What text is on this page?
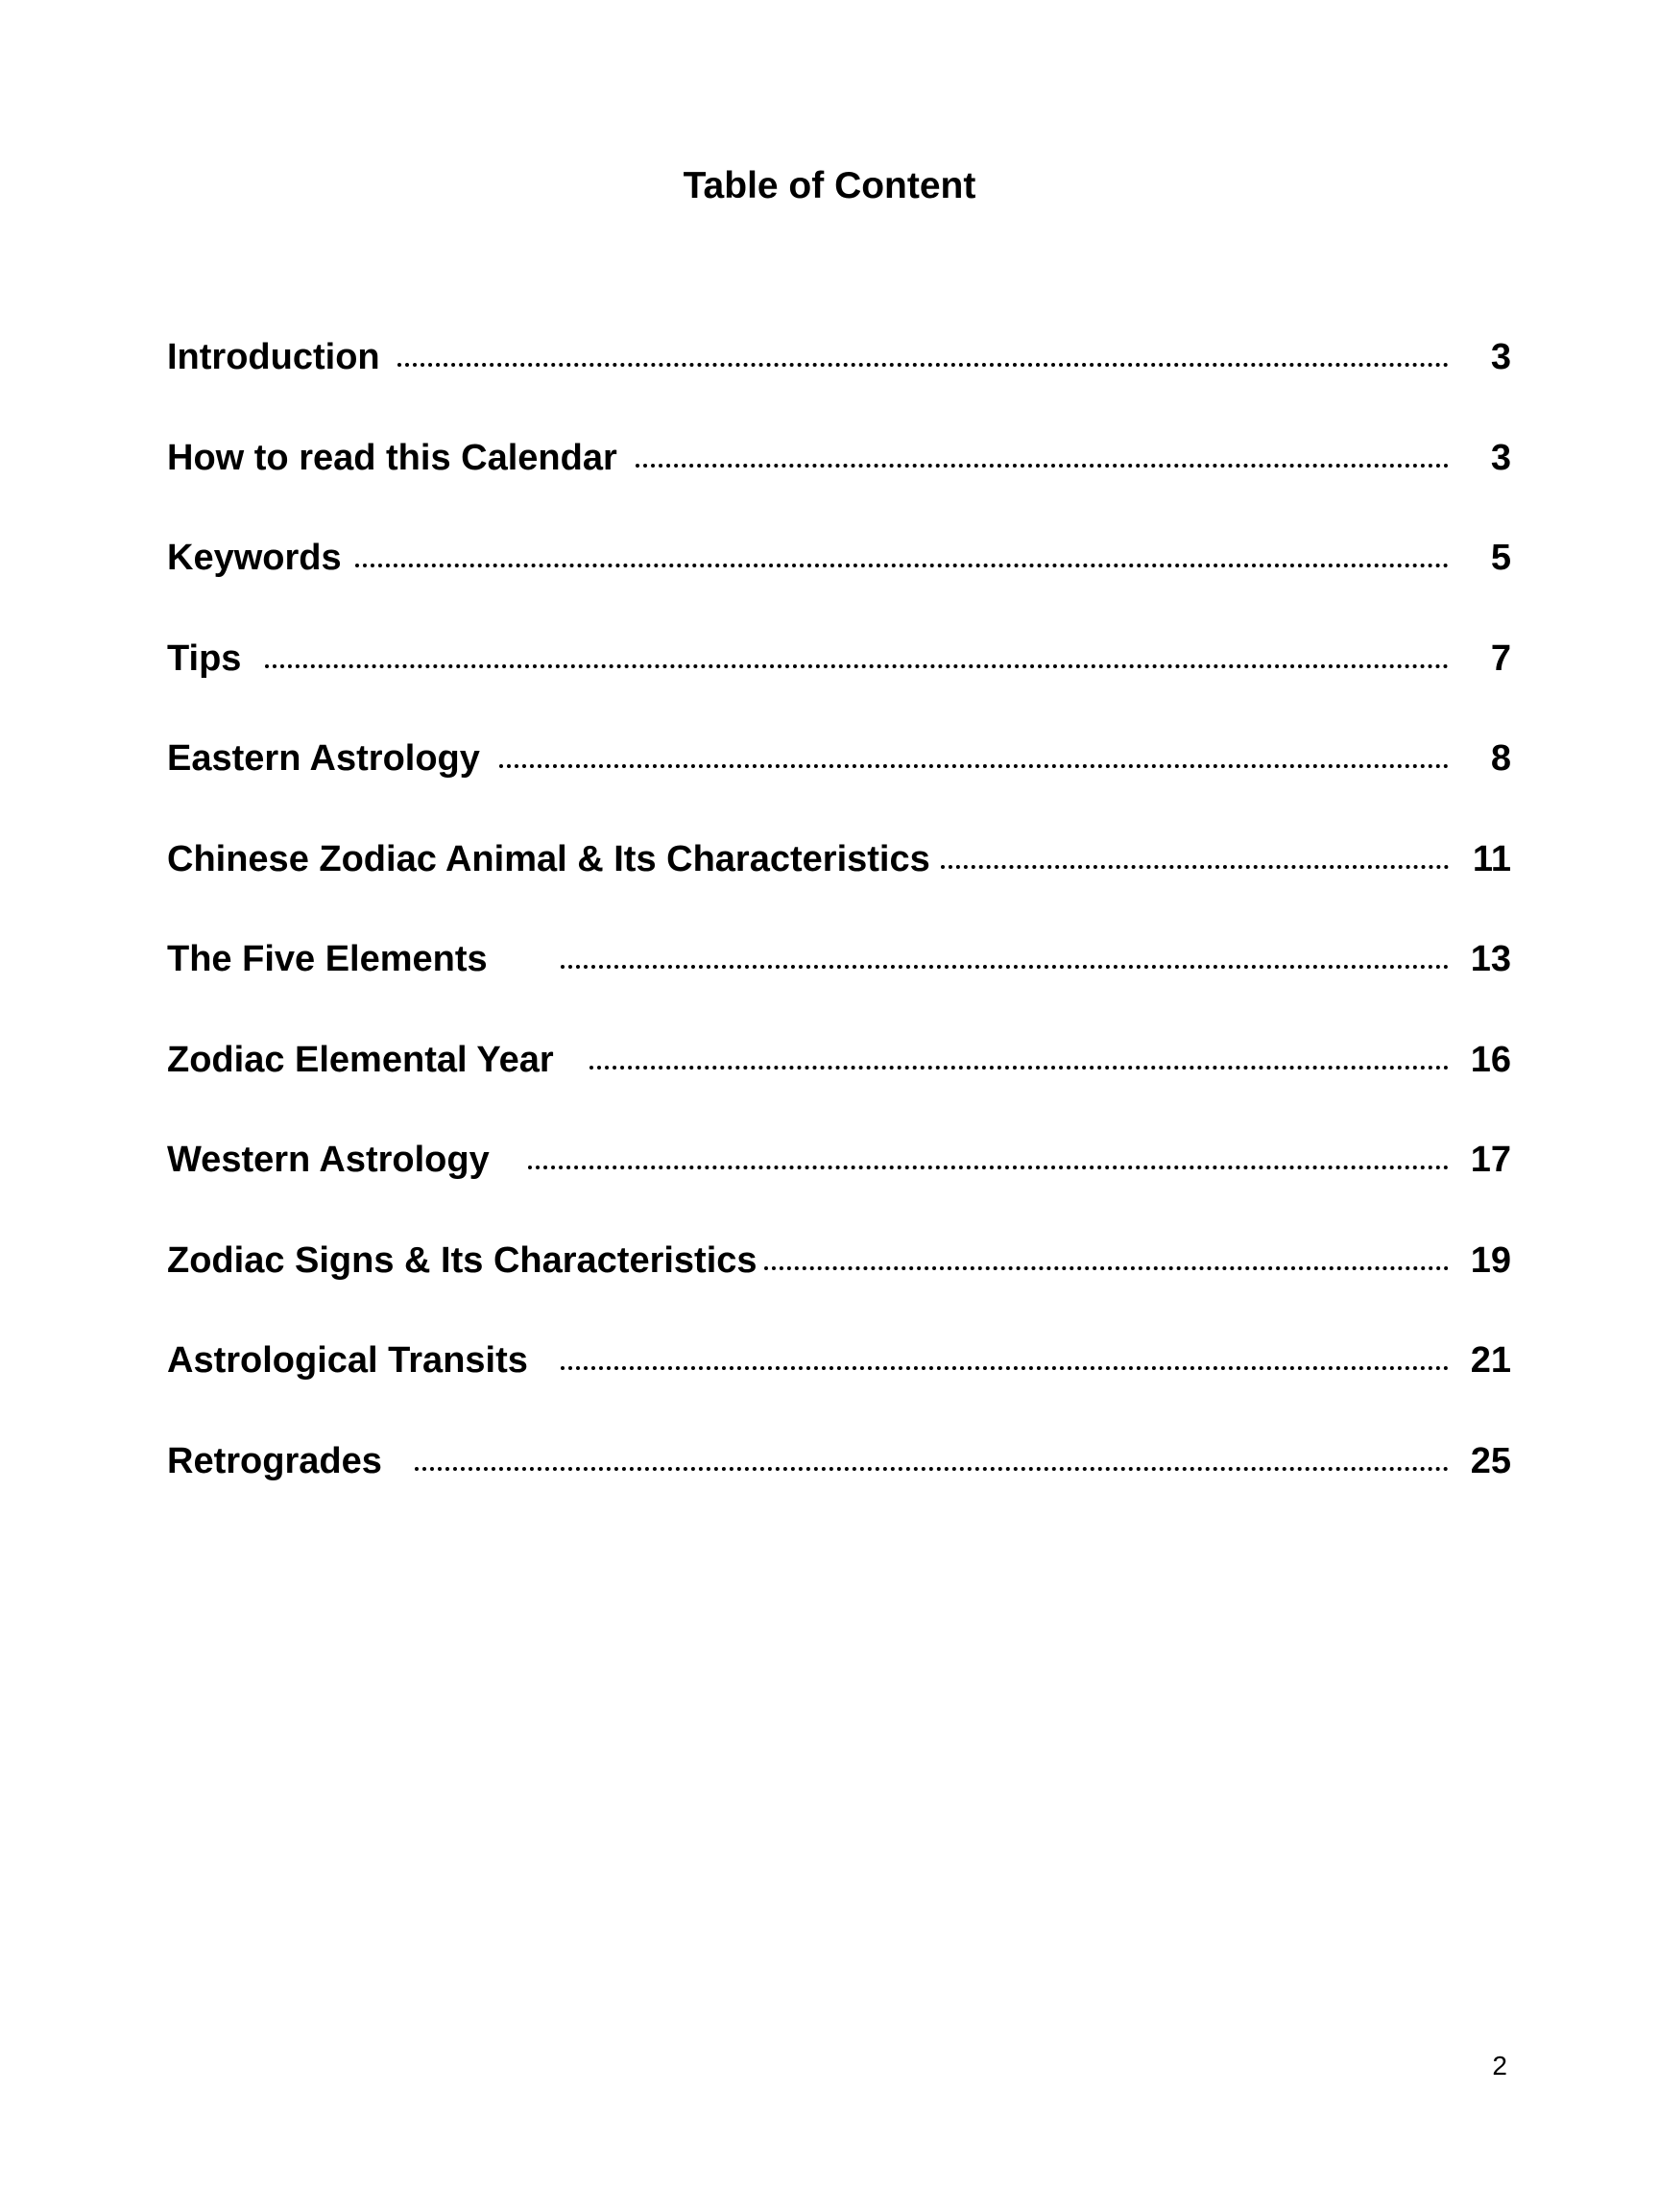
Table of Content
Introduction	3
How to read this Calendar	3
Keywords	5
Tips	7
Eastern Astrology	8
Chinese Zodiac Animal & Its Characteristics	11
The Five Elements	13
Zodiac Elemental Year	16
Western Astrology	17
Zodiac Signs & Its Characteristics	19
Astrological Transits	21
Retrogrades	25
2
